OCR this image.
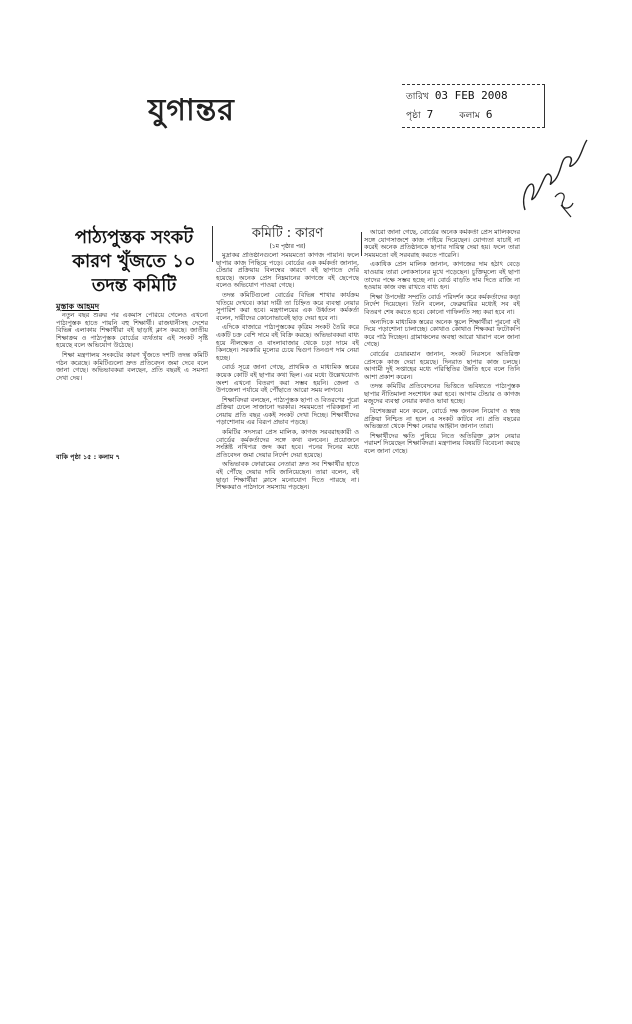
যুগান্তর	তারিখ 03 FEB 2008
পৃষ্ঠা 7	কলাম 6
পাঠ্যপুস্তক সংকট কারণ খুঁজতে ১০ তদন্ত কমিটি
মুস্তাক আহমদ

নতুন বছর শুরুর পর একমাস পেরিয়ে গেলেও এখনো পাঠ্যপুস্তক হাতে পায়নি বহু শিক্ষার্থী। রাজধানীসহ দেশের বিভিন্ন এলাকায় শিক্ষার্থীরা বই ছাড়াই ক্লাস করছে। জাতীয় শিক্ষাক্রম ও পাঠ্যপুস্তক বোর্ডের ব্যর্থতায় এই সংকট সৃষ্টি হয়েছে বলে অভিযোগ উঠেছে।

শিক্ষা মন্ত্রণালয় সংকটের কারণ খুঁজতে দশটি তদন্ত কমিটি গঠন করেছে। কমিটিগুলো দ্রুত প্রতিবেদন জমা দেবে বলে জানা গেছে। অভিভাবকরা বলছেন, প্রতি বছরই এ সমস্যা দেখা দেয়।

বাকি পৃষ্ঠা ১৫ : কলাম ৭
কমিটি : কারণ
(১ম পৃষ্ঠার পর)

মুদ্রাকর প্রতিষ্ঠানগুলো সময়মতো কাগজ পায়নি। ফলে ছাপার কাজ পিছিয়ে পড়ে। বোর্ডের এক কর্মকর্তা জানান, টেন্ডার প্রক্রিয়ায় বিলম্বের কারণে বই ছাপাতে দেরি হয়েছে। অনেক প্রেস নিম্নমানের কাগজে বই ছেপেছে বলেও অভিযোগ পাওয়া গেছে।

তদন্ত কমিটিগুলো বোর্ডের বিভিন্ন শাখার কার্যক্রম খতিয়ে দেখবে। কারা দায়ী তা চিহ্নিত করে ব্যবস্থা নেয়ার সুপারিশ করা হবে। মন্ত্রণালয়ের এক উর্ধ্বতন কর্মকর্তা বলেন, দায়ীদের কোনোভাবেই ছাড় দেয়া হবে না।

এদিকে বাজারে পাঠ্যপুস্তকের কৃত্রিম সংকট তৈরি করে একটি চক্র বেশি দামে বই বিক্রি করছে। অভিভাবকরা বাধ্য হয়ে নীলক্ষেত ও বাংলাবাজার থেকে চড়া দামে বই কিনছেন। সরকারি মূল্যের চেয়ে দ্বিগুণ তিনগুণ দাম নেয়া হচ্ছে।

বোর্ড সূত্রে জানা গেছে, প্রাথমিক ও মাধ্যমিক স্তরের কয়েক কোটি বই ছাপার কথা ছিল। এর মধ্যে উল্লেখযোগ্য অংশ এখনো বিতরণ করা সম্ভব হয়নি। জেলা ও উপজেলা পর্যায়ে বই পৌঁছাতে আরো সময় লাগবে।

শিক্ষাবিদরা বলছেন, পাঠ্যপুস্তক ছাপা ও বিতরণের পুরো প্রক্রিয়া ঢেলে সাজানো দরকার। সময়মতো পরিকল্পনা না নেয়ায় প্রতি বছর একই সংকট দেখা দিচ্ছে। শিক্ষার্থীদের পড়াশোনায় এর বিরূপ প্রভাব পড়ছে।

কমিটির সদস্যরা প্রেস মালিক, কাগজ সরবরাহকারী ও বোর্ডের কর্মকর্তাদের সঙ্গে কথা বলবেন। প্রয়োজনে সংশ্লিষ্ট নথিপত্র জব্দ করা হবে। পনের দিনের মধ্যে প্রতিবেদন জমা দেয়ার নির্দেশ দেয়া হয়েছে।

অভিভাবক ফোরামের নেতারা দ্রুত সব শিক্ষার্থীর হাতে বই পৌঁছে দেয়ার দাবি জানিয়েছেন। তারা বলেন, বই ছাড়া শিক্ষার্থীরা ক্লাসে মনোযোগ দিতে পারছে না। শিক্ষকরাও পাঠদানে সমস্যায় পড়ছেন।

আরো জানা গেছে, বোর্ডের অনেক কর্মকর্তা প্রেস মালিকদের সঙ্গে যোগসাজশে কাজ পাইয়ে দিয়েছেন। যোগ্যতা যাচাই না করেই অনেক প্রতিষ্ঠানকে ছাপার দায়িত্ব দেয়া হয়। ফলে তারা সময়মতো বই সরবরাহ করতে পারেনি।

একাধিক প্রেস মালিক জানান, কাগজের দাম হঠাৎ বেড়ে যাওয়ায় তারা লোকসানের মুখে পড়েছেন। চুক্তিমূল্যে বই ছাপা তাদের পক্ষে সম্ভব হচ্ছে না। বোর্ড বাড়তি দাম দিতে রাজি না হওয়ায় কাজ বন্ধ রাখতে বাধ্য হন।

শিক্ষা উপদেষ্টা সম্প্রতি বোর্ড পরিদর্শন করে কর্মকর্তাদের কড়া নির্দেশ দিয়েছেন। তিনি বলেন, ফেব্রুয়ারির মধ্যেই সব বই বিতরণ শেষ করতে হবে। কোনো গাফিলতি সহ্য করা হবে না।

অন্যদিকে মাধ্যমিক স্তরের অনেক স্কুলে শিক্ষার্থীরা পুরনো বই দিয়ে পড়াশোনা চালাচ্ছে। কোথাও কোথাও শিক্ষকরা ফটোকপি করে পাঠ দিচ্ছেন। গ্রামাঞ্চলের অবস্থা আরো খারাপ বলে জানা গেছে।

বোর্ডের চেয়ারম্যান জানান, সংকট নিরসনে অতিরিক্ত প্রেসকে কাজ দেয়া হয়েছে। দিনরাত ছাপার কাজ চলছে। আগামী দুই সপ্তাহের মধ্যে পরিস্থিতির উন্নতি হবে বলে তিনি আশা প্রকাশ করেন।

তদন্ত কমিটির প্রতিবেদনের ভিত্তিতে ভবিষ্যতে পাঠ্যপুস্তক ছাপার নীতিমালা সংশোধন করা হবে। আগাম টেন্ডার ও কাগজ মজুদের ব্যবস্থা নেয়ার কথাও ভাবা হচ্ছে।

বিশেষজ্ঞরা মনে করেন, বোর্ডে দক্ষ জনবল নিয়োগ ও স্বচ্ছ প্রক্রিয়া নিশ্চিত না হলে এ সংকট কাটবে না। প্রতি বছরের অভিজ্ঞতা থেকে শিক্ষা নেয়ার আহ্বান জানান তারা।

শিক্ষার্থীদের ক্ষতি পুষিয়ে নিতে অতিরিক্ত ক্লাস নেয়ার পরামর্শ দিয়েছেন শিক্ষাবিদরা। মন্ত্রণালয় বিষয়টি বিবেচনা করছে বলে জানা গেছে।
